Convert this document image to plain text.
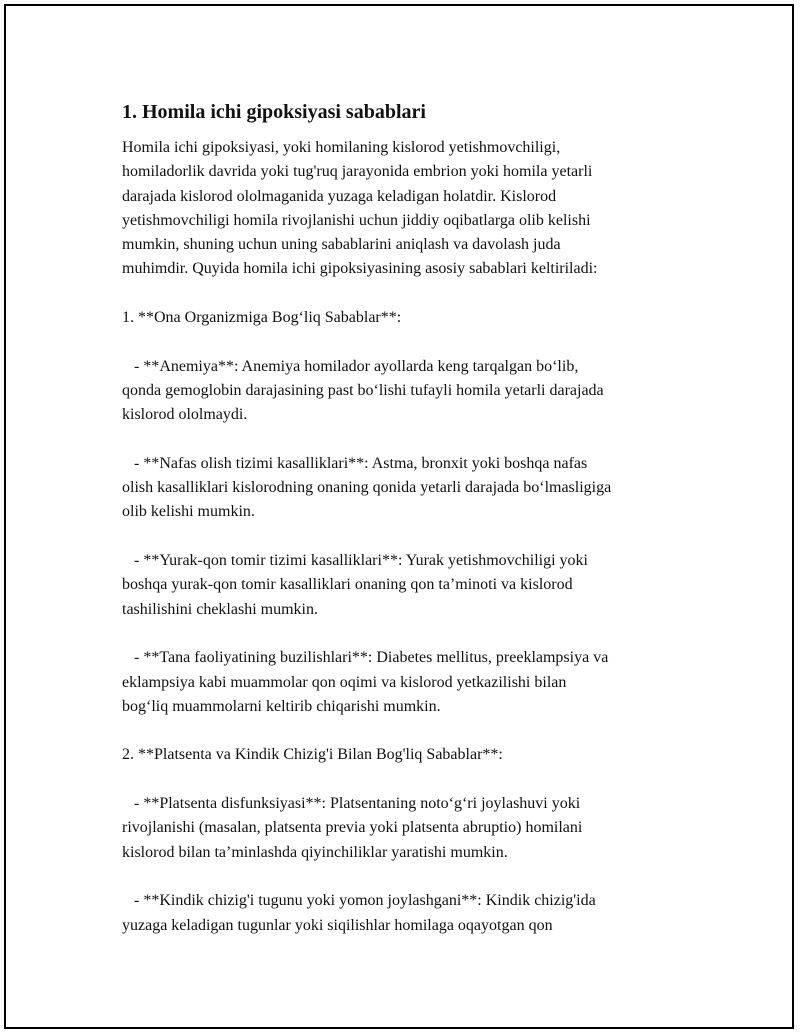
1. Homila ichi gipoksiyasi sabablari
Homila ichi gipoksiyasi, yoki homilaning kislorod yetishmovchiligi,
homiladorlik davrida yoki tug'ruq jarayonida embrion yoki homila yetarli
darajada kislorod ololmaganida yuzaga keladigan holatdir. Kislorod
yetishmovchiligi homila rivojlanishi uchun jiddiy oqibatlarga olib kelishi
mumkin, shuning uchun uning sabablarini aniqlash va davolash juda
muhimdir. Quyida homila ichi gipoksiyasining asosiy sabablari keltiriladi:
1. **Ona Organizmiga Bogʻliq Sabablar**:
- **Anemiya**: Anemiya homilador ayollarda keng tarqalgan boʻlib,
qonda gemoglobin darajasining past boʻlishi tufayli homila yetarli darajada
kislorod ololmaydi.
- **Nafas olish tizimi kasalliklari**: Astma, bronxit yoki boshqa nafas
olish kasalliklari kislorodning onaning qonida yetarli darajada boʻlmasligiga
olib kelishi mumkin.
- **Yurak-qon tomir tizimi kasalliklari**: Yurak yetishmovchiligi yoki
boshqa yurak-qon tomir kasalliklari onaning qon taʼminoti va kislorod
tashilishini cheklashi mumkin.
- **Tana faoliyatining buzilishlari**: Diabetes mellitus, preeklampsiya va
eklampsiya kabi muammolar qon oqimi va kislorod yetkazilishi bilan
bogʻliq muammolarni keltirib chiqarishi mumkin.
2. **Platsenta va Kindik Chizig'i Bilan Bog'liq Sabablar**:
- **Platsenta disfunksiyasi**: Platsentaning notoʻgʻri joylashuvi yoki
rivojlanishi (masalan, platsenta previa yoki platsenta abruptio) homilani
kislorod bilan taʼminlashda qiyinchiliklar yaratishi mumkin.
- **Kindik chizig'i tugunu yoki yomon joylashgani**: Kindik chizig'ida
yuzaga keladigan tugunlar yoki siqilishlar homilaga oqayotgan qon
